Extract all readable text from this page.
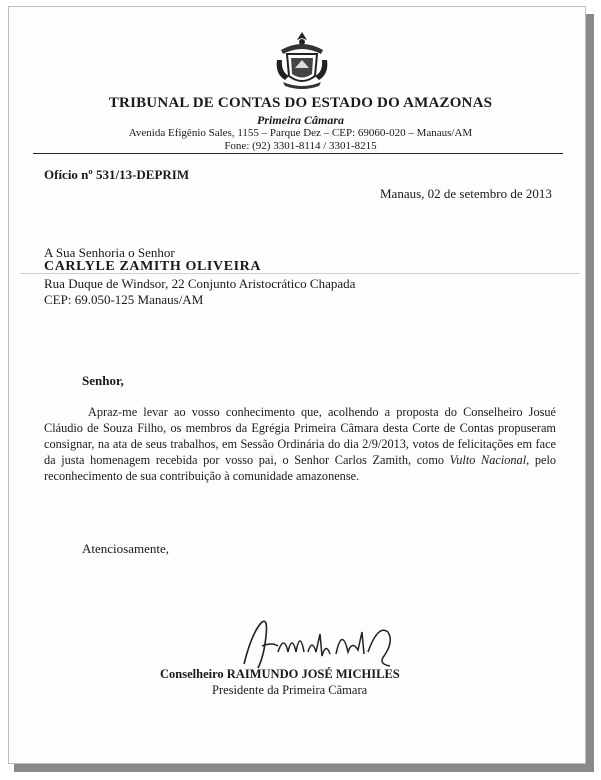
TRIBUNAL DE CONTAS DO ESTADO DO AMAZONAS
Primeira Câmara
Avenida Efigênio Sales, 1155 – Parque Dez – CEP: 69060-020 – Manaus/AM
Fone: (92) 3301-8114 / 3301-8215
Ofício nº 531/13-DEPRIM
Manaus, 02 de setembro de 2013
A Sua Senhoria o Senhor
CARLYLE ZAMITH OLIVEIRA
Rua Duque de Windsor, 22 Conjunto Aristocrático Chapada
CEP: 69.050-125 Manaus/AM
Senhor,

Apraz-me levar ao vosso conhecimento que, acolhendo a proposta do Conselheiro Josué Cláudio de Souza Filho, os membros da Egrégia Primeira Câmara desta Corte de Contas propuseram consignar, na ata de seus trabalhos, em Sessão Ordinária do dia 2/9/2013, votos de felicitações em face da justa homenagem recebida por vosso pai, o Senhor Carlos Zamith, como Vulto Nacional, pelo reconhecimento de sua contribuição à comunidade amazonense.

Atenciosamente,
Conselheiro RAIMUNDO JOSÉ MICHILES
Presidente da Primeira Câmara
